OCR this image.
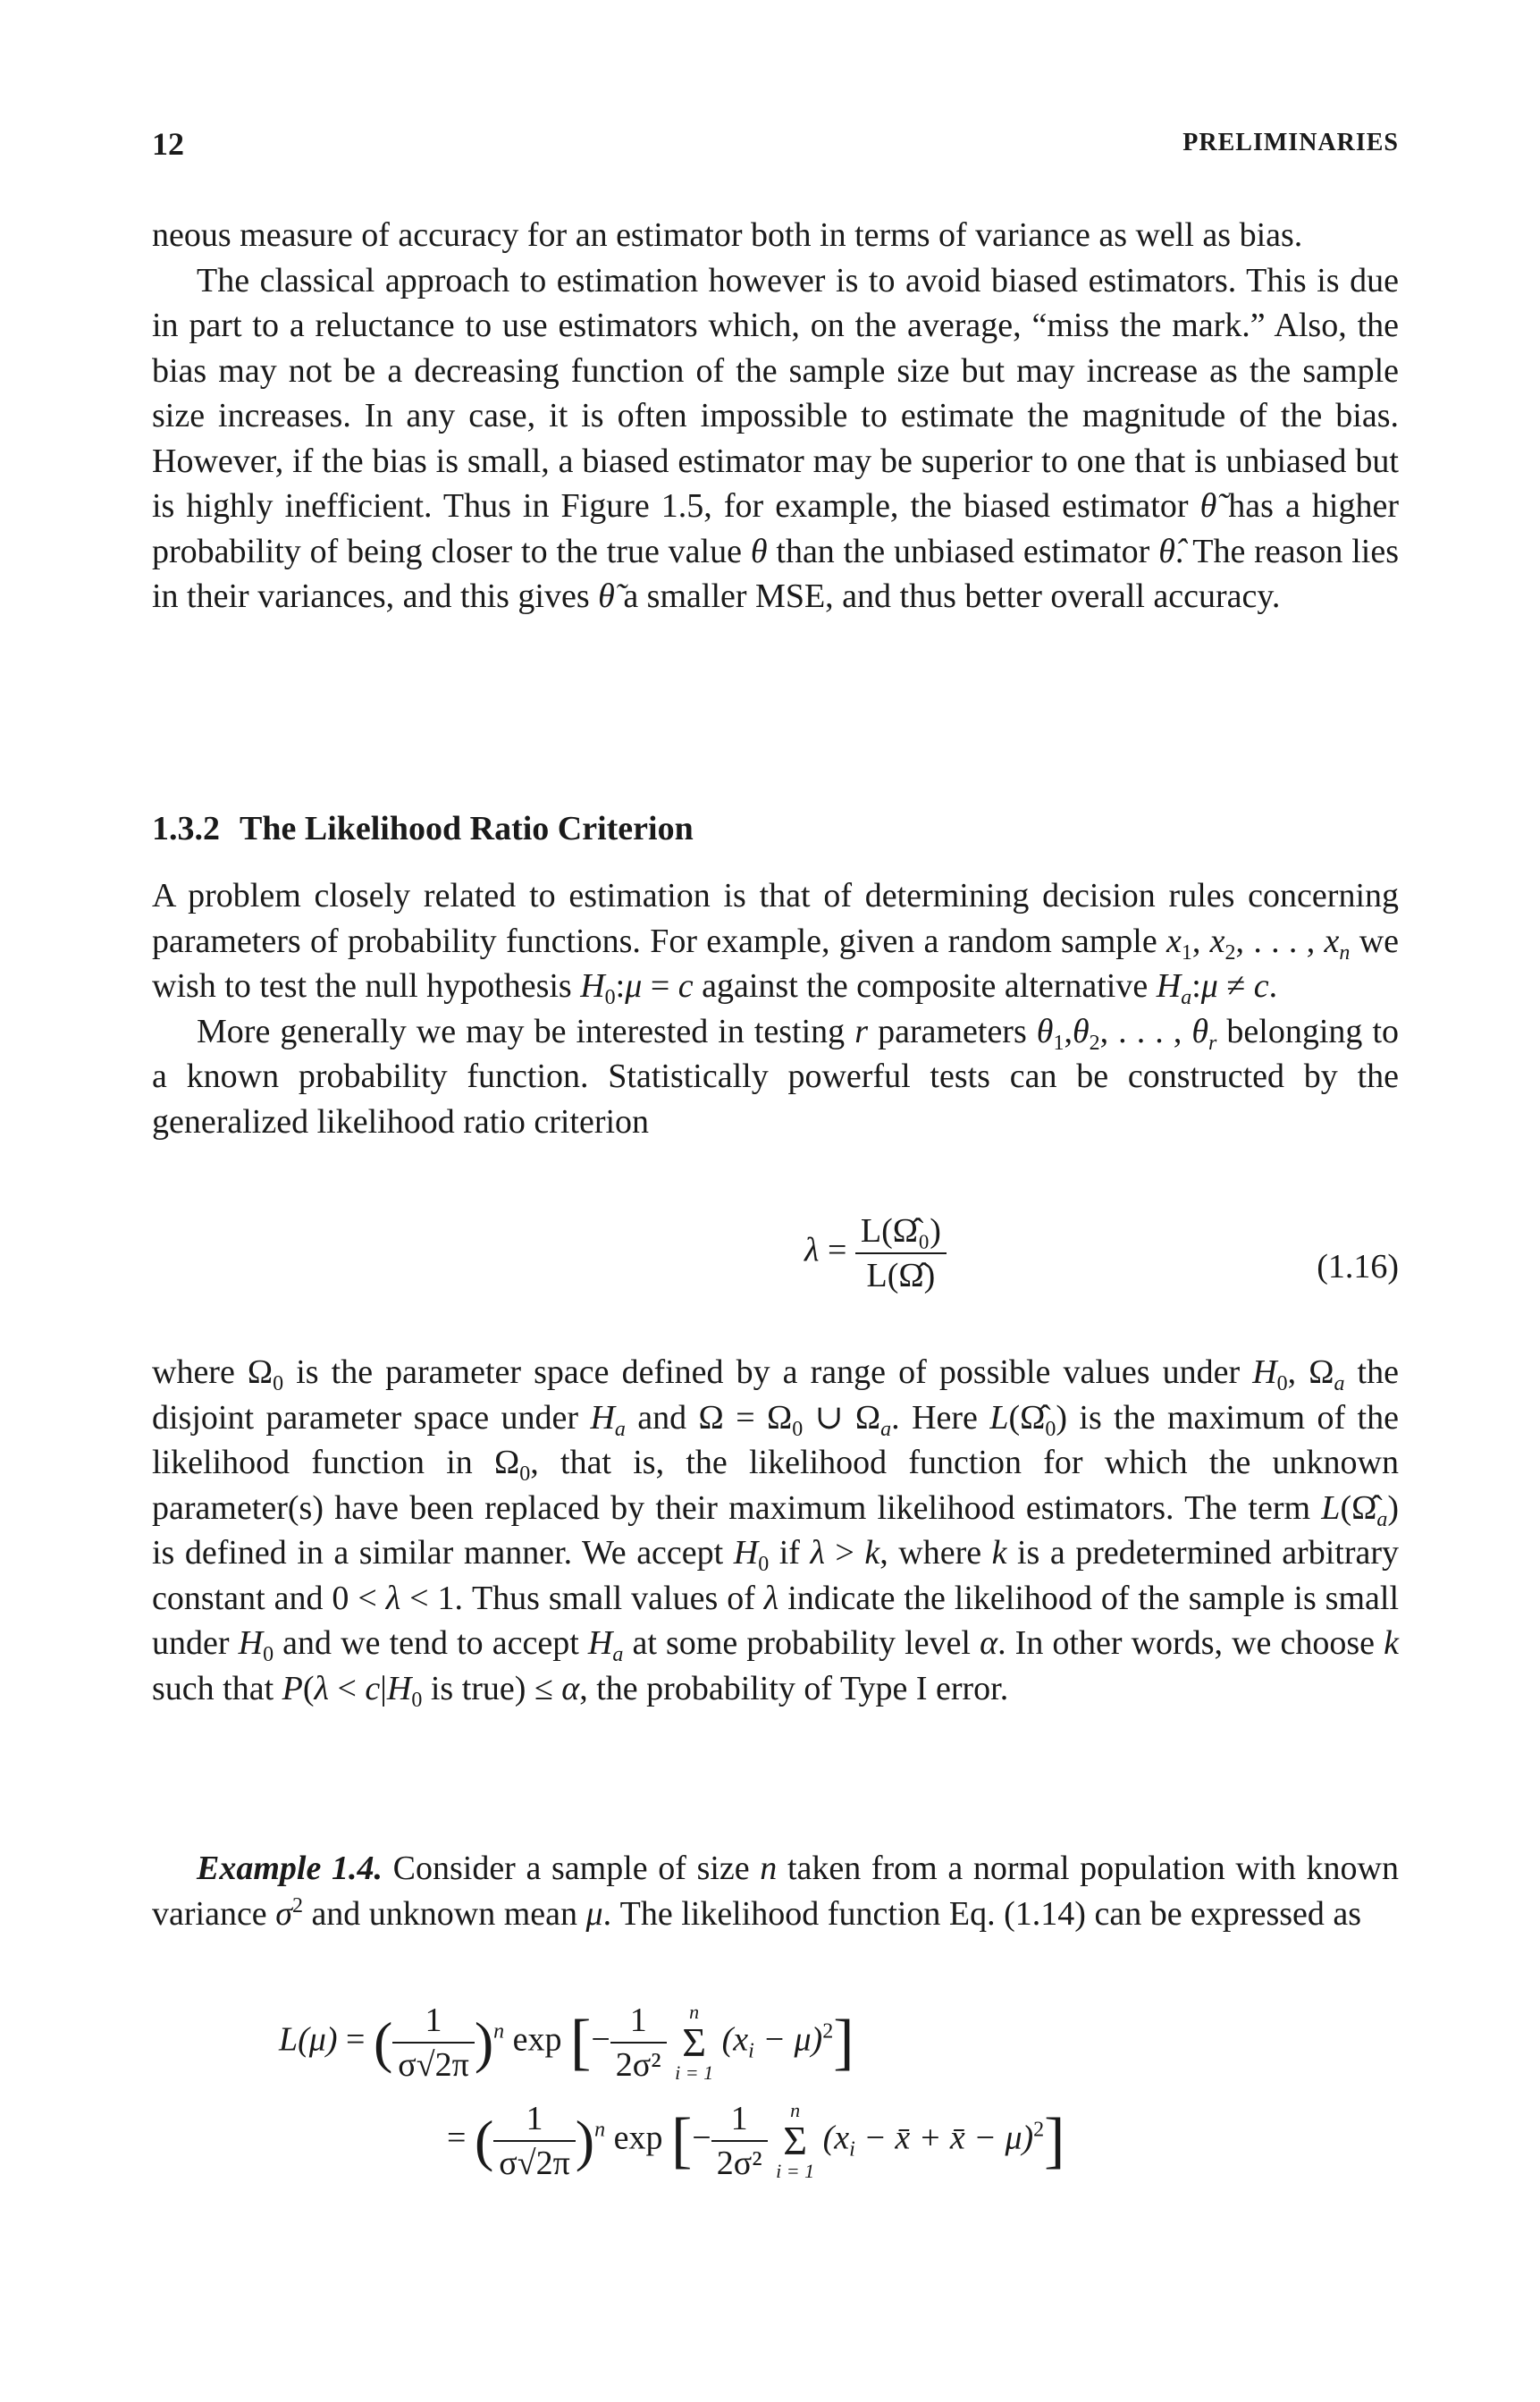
12	PRELIMINARIES

neous measure of accuracy for an estimator both in terms of variance as well as bias.

The classical approach to estimation however is to avoid biased estimators. This is due in part to a reluctance to use estimators which, on the average, “miss the mark.” Also, the bias may not be a decreasing function of the sample size but may increase as the sample size increases. In any case, it is often impossible to estimate the magnitude of the bias. However, if the bias is small, a biased estimator may be superior to one that is unbiased but is highly inefficient. Thus in Figure 1.5, for example, the biased estimator θ̃ has a higher probability of being closer to the true value θ than the unbiased estimator θ̂. The reason lies in their variances, and this gives θ̃ a smaller MSE, and thus better overall accuracy.

1.3.2 The Likelihood Ratio Criterion

A problem closely related to estimation is that of determining decision rules concerning parameters of probability functions. For example, given a random sample $x_1$, $x_2$, . . . , $x_n$ we wish to test the null hypothesis $H_0:\mu = c$ against the composite alternative $H_a:\mu \ne c$.

More generally we may be interested in testing r parameters $\theta_1,\theta_2$, . . . , $\theta_r$ belonging to a known probability function. Statistically powerful tests can be constructed by the generalized likelihood ratio criterion

$\lambda = \frac{\text{L(Ω̂₀)}}{L(\Omegâ)}$	(1.16)

where $\Omega_0$ is the parameter space defined by a range of possible values under $H_0$, $\Omega_a$ the disjoint parameter space under $H_a$ and $\Omega = \Omega_0$ ∪ $\Omega_a$. Here $L(\Omegâ_0)$ is the maximum of the likelihood function in $\Omega_0$, that is, the likelihood function for which the unknown parameter(s) have been replaced by their maximum likelihood estimators. The term $L(\Omegâ_a)$ is defined in a similar manner. We accept $H_0$ if λ > k, where k is a predetermined arbitrary constant and 0 < λ < 1. Thus small values of λ indicate the likelihood of the sample is small under $H_0$ and we tend to accept $H_a$ at some probability level α. In other words, we choose k such that $P(\lambda < c|H_0$ is true) ≤ α, the probability of Type I error.

Example 1.4. Consider a sample of size n taken from a normal population with known variance $\sigma^2$ and unknown mean μ. The likelihood function Eq. (1.14) can be expressed as

L(μ) = ( $\frac{1}{\sigma√2\pi} )^n$ exp [− $\frac{1}{\text{2σ²}}$
	n
Σ
i = 1
$(x_i - \mu)^2$]
= ( $\frac{1}{\sigma√2\pi} )^n$ exp [− $\frac{1}{\text{2σ²}}$
	n
Σ
i = 1
($x_i$ − x̄ + x̄ − μ)$^2$]
